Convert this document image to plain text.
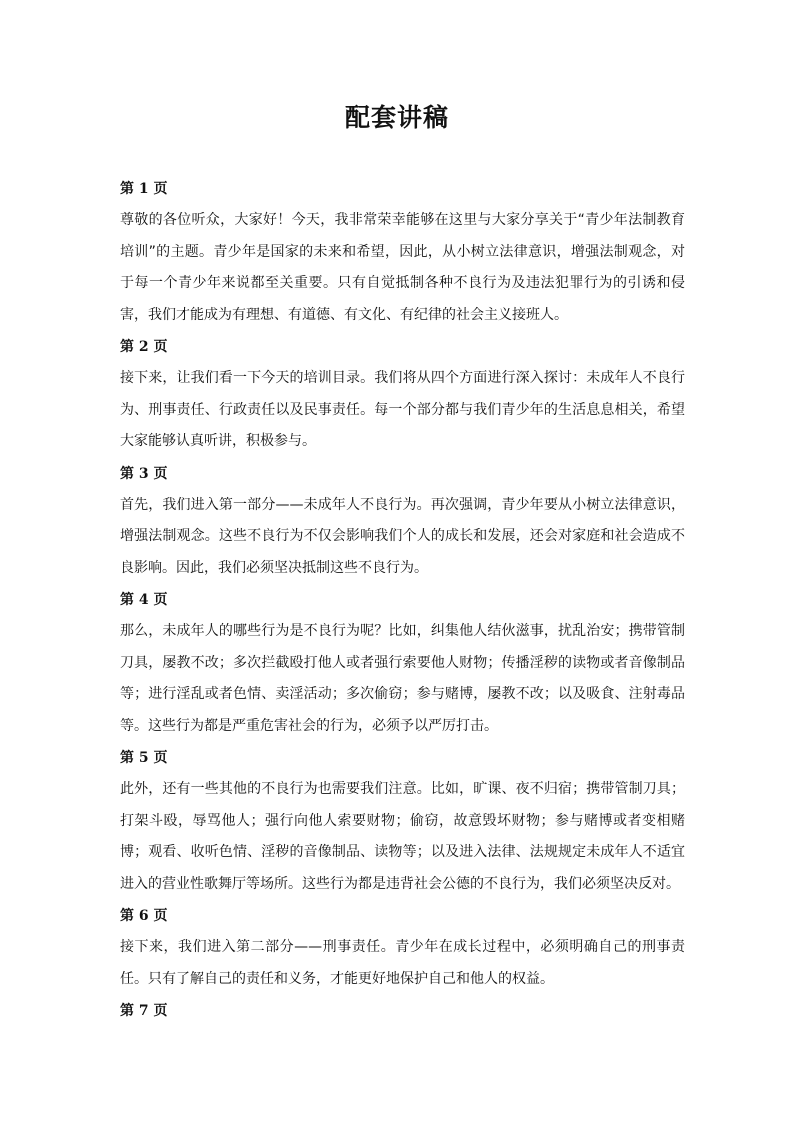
配套讲稿

第 1 页

尊敬的各位听众，大家好！今天，我非常荣幸能够在这里与大家分享关于“青少年法制教育培训”的主题。青少年是国家的未来和希望，因此，从小树立法律意识，增强法制观念，对于每一个青少年来说都至关重要。只有自觉抵制各种不良行为及违法犯罪行为的引诱和侵害，我们才能成为有理想、有道德、有文化、有纪律的社会主义接班人。

第 2 页

接下来，让我们看一下今天的培训目录。我们将从四个方面进行深入探讨：未成年人不良行为、刑事责任、行政责任以及民事责任。每一个部分都与我们青少年的生活息息相关，希望大家能够认真听讲，积极参与。

第 3 页

首先，我们进入第一部分——未成年人不良行为。再次强调，青少年要从小树立法律意识，增强法制观念。这些不良行为不仅会影响我们个人的成长和发展，还会对家庭和社会造成不良影响。因此，我们必须坚决抵制这些不良行为。

第 4 页

那么，未成年人的哪些行为是不良行为呢？比如，纠集他人结伙滋事，扰乱治安；携带管制刀具，屡教不改；多次拦截殴打他人或者强行索要他人财物；传播淫秽的读物或者音像制品等；进行淫乱或者色情、卖淫活动；多次偷窃；参与赌博，屡教不改；以及吸食、注射毒品等。这些行为都是严重危害社会的行为，必须予以严厉打击。

第 5 页

此外，还有一些其他的不良行为也需要我们注意。比如，旷课、夜不归宿；携带管制刀具；打架斗殴，辱骂他人；强行向他人索要财物；偷窃，故意毁坏财物；参与赌博或者变相赌博；观看、收听色情、淫秽的音像制品、读物等；以及进入法律、法规规定未成年人不适宜进入的营业性歌舞厅等场所。这些行为都是违背社会公德的不良行为，我们必须坚决反对。

第 6 页

接下来，我们进入第二部分——刑事责任。青少年在成长过程中，必须明确自己的刑事责任。只有了解自己的责任和义务，才能更好地保护自己和他人的权益。

第 7 页
